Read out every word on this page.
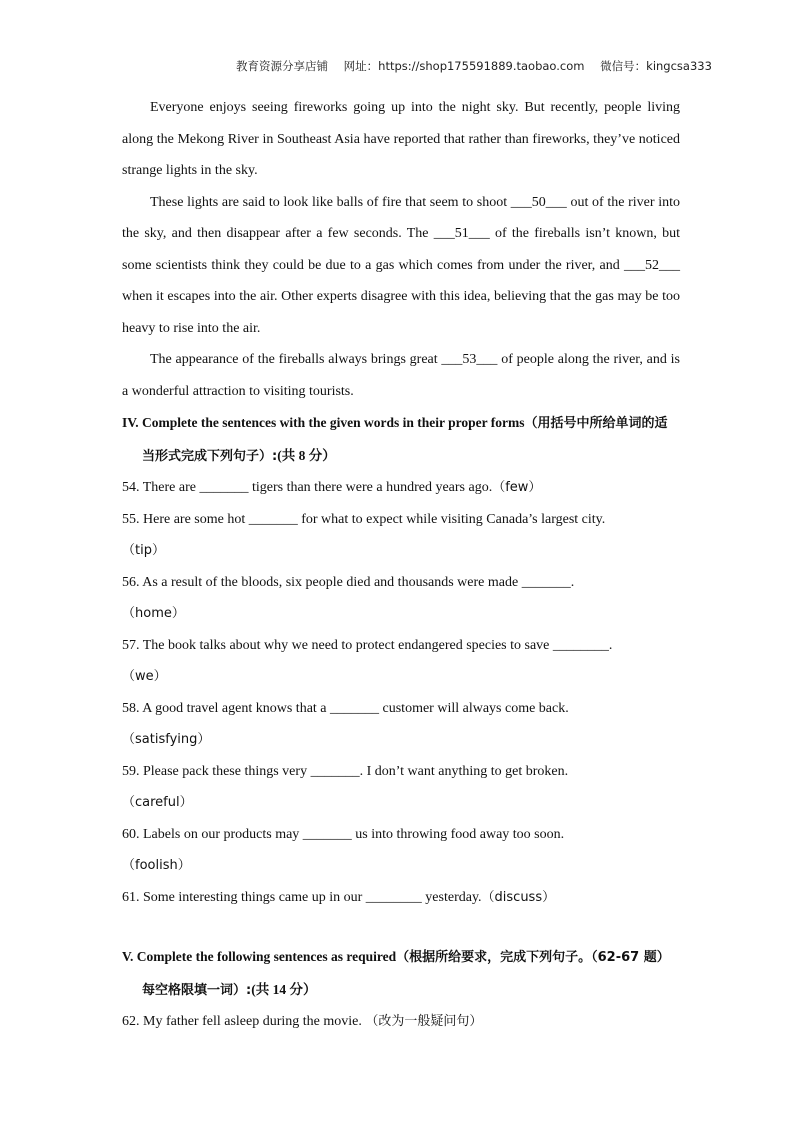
教育资源分享店铺 网址：https://shop175591889.taobao.com 微信号：kingcsa333

Everyone enjoys seeing fireworks going up into the night sky. But recently, people living along the Mekong River in Southeast Asia have reported that rather than fireworks, they’ve noticed strange lights in the sky.

These lights are said to look like balls of fire that seem to shoot ___50___ out of the river into the sky, and then disappear after a few seconds. The ___51___ of the fireballs isn’t known, but some scientists think they could be due to a gas which comes from under the river, and ___52___ when it escapes into the air. Other experts disagree with this idea, believing that the gas may be too heavy to rise into the air.

The appearance of the fireballs always brings great ___53___ of people along the river, and is a wonderful attraction to visiting tourists.

IV. Complete the sentences with the given words in their proper forms（用括号中所给单词的适
当形式完成下列句子）:(共 8 分）

54. There are _______ tigers than there were a hundred years ago.（few）

55. Here are some hot _______ for what to expect while visiting Canada’s largest city.
（tip）

56. As a result of the bloods, six people died and thousands were made _______.
（home）

57. The book talks about why we need to protect endangered species to save ________.
（we）

58. A good travel agent knows that a _______ customer will always come back.
（satisfying）

59. Please pack these things very _______. I don’t want anything to get broken.
（careful）

60. Labels on our products may _______ us into throwing food away too soon.
（foolish）

61. Some interesting things came up in our ________ yesterday.（discuss）

V. Complete the following sentences as required（根据所给要求，完成下列句子。（62-67 题）
每空格限填一词）:(共 14 分）

62. My father fell asleep during the movie. （改为一般疑问句）
